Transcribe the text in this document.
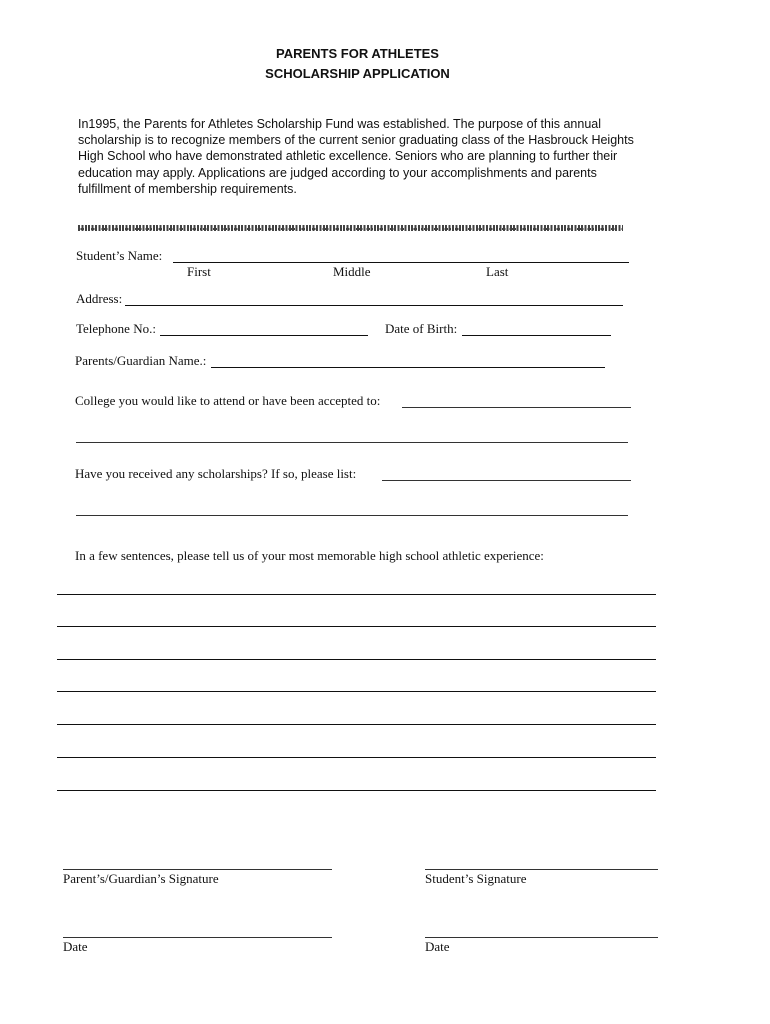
PARENTS FOR ATHLETES
SCHOLARSHIP APPLICATION
In1995, the Parents for Athletes Scholarship Fund was established. The purpose of this annual scholarship is to recognize members of the current senior graduating class of the Hasbrouck Heights High School who have demonstrated athletic excellence. Seniors who are planning to further their education may apply. Applications are judged according to your accomplishments and parents fulfillment of membership requirements.
Student’s Name:
First	Middle	Last
Address:
Telephone No.:	Date of Birth:
Parents/Guardian Name.:
College you would like to attend or have been accepted to:
Have you received any scholarships? If so, please list:
In a few sentences, please tell us of your most memorable high school athletic experience:
Parent’s/Guardian’s Signature	Student’s Signature
Date	Date
